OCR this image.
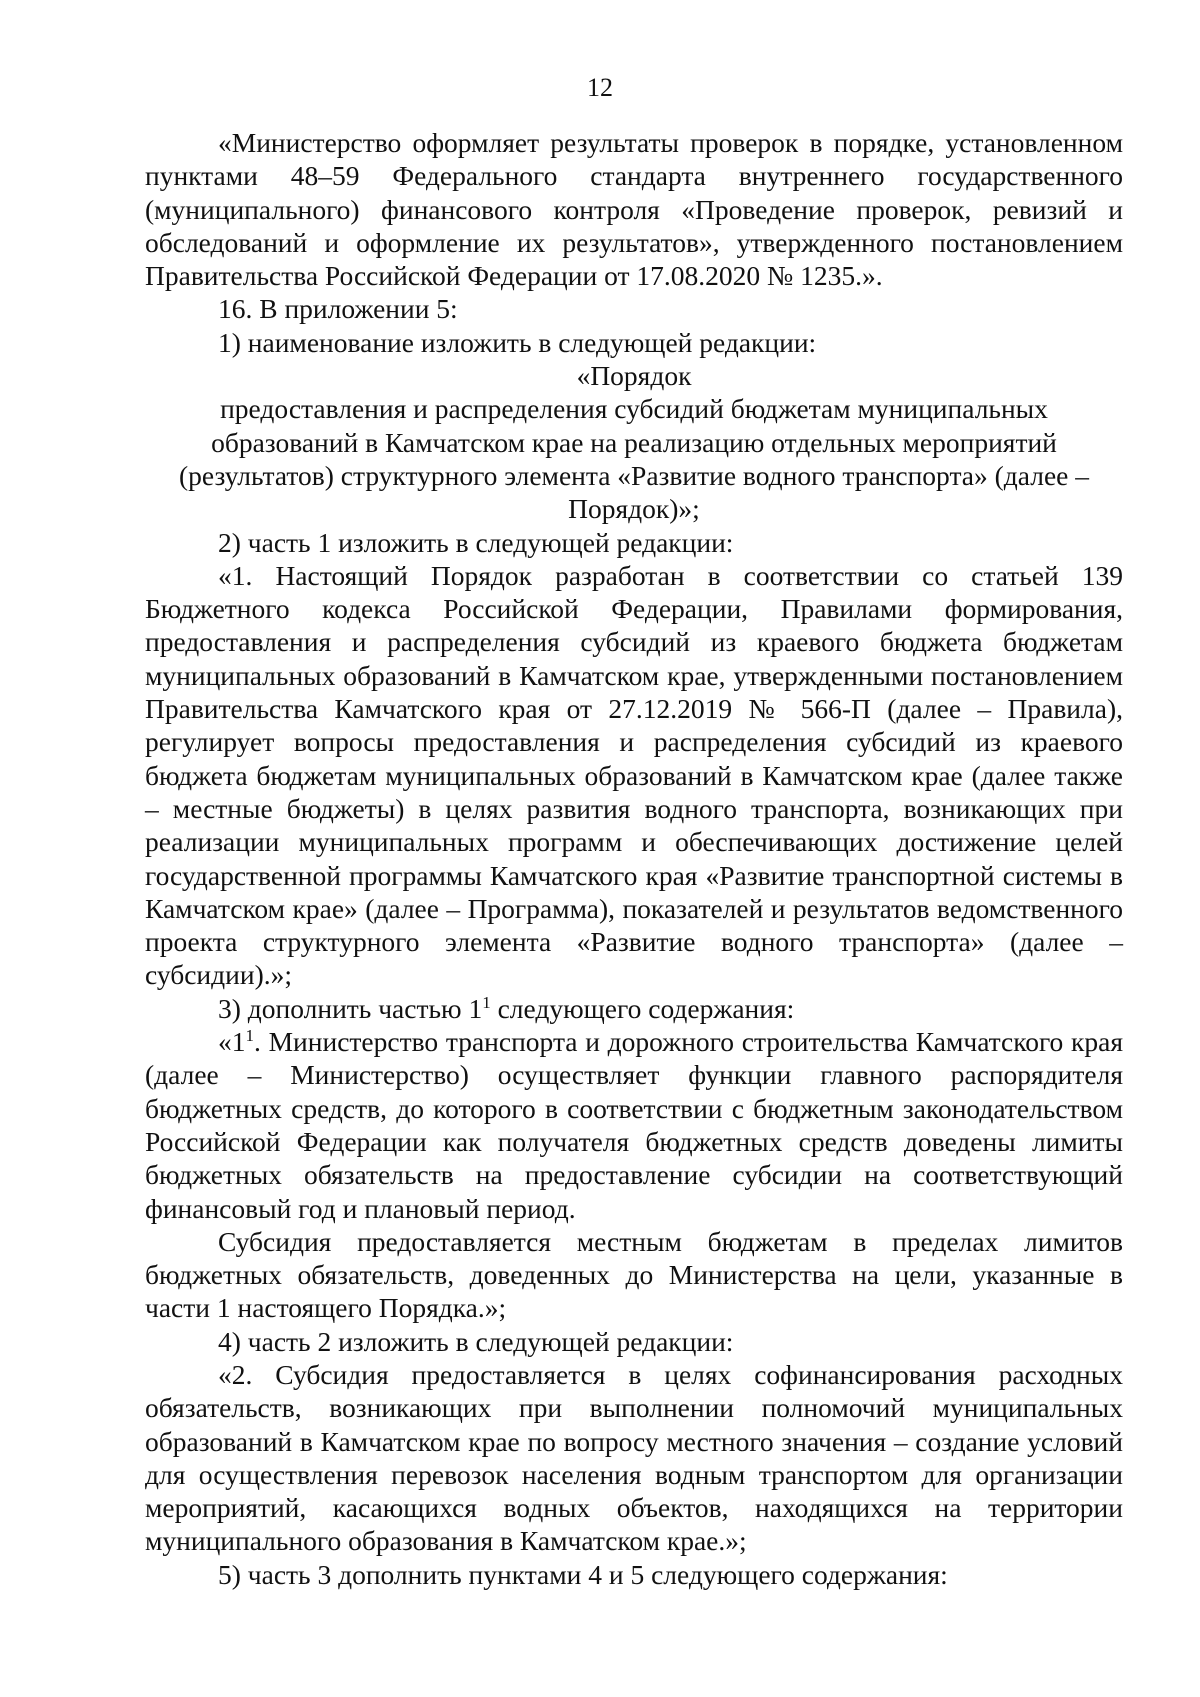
12

«Министерство оформляет результаты проверок в порядке, установленном пунктами 48–59 Федерального стандарта внутреннего государственного (муниципального) финансового контроля «Проведение проверок, ревизий и обследований и оформление их результатов», утвержденного постановлением Правительства Российской Федерации от 17.08.2020 № 1235.».

16. В приложении 5:

1) наименование изложить в следующей редакции:

«Порядок

предоставления и распределения субсидий бюджетам муниципальных образований в Камчатском крае на реализацию отдельных мероприятий (результатов) структурного элемента «Развитие водного транспорта» (далее – Порядок)»;

2) часть 1 изложить в следующей редакции:

«1. Настоящий Порядок разработан в соответствии со статьей 139 Бюджетного кодекса Российской Федерации, Правилами формирования, предоставления и распределения субсидий из краевого бюджета бюджетам муниципальных образований в Камчатском крае, утвержденными постановлением Правительства Камчатского края от 27.12.2019 № 566-П (далее – Правила), регулирует вопросы предоставления и распределения субсидий из краевого бюджета бюджетам муниципальных образований в Камчатском крае (далее также – местные бюджеты) в целях развития водного транспорта, возникающих при реализации муниципальных программ и обеспечивающих достижение целей государственной программы Камчатского края «Развитие транспортной системы в Камчатском крае» (далее – Программа), показателей и результатов ведомственного проекта структурного элемента «Развитие водного транспорта» (далее – субсидии).»;

3) дополнить частью $1^1$ следующего содержания:

«$1^1$. Министерство транспорта и дорожного строительства Камчатского края (далее – Министерство) осуществляет функции главного распорядителя бюджетных средств, до которого в соответствии с бюджетным законодательством Российской Федерации как получателя бюджетных средств доведены лимиты бюджетных обязательств на предоставление субсидии на соответствующий финансовый год и плановый период.

Субсидия предоставляется местным бюджетам в пределах лимитов бюджетных обязательств, доведенных до Министерства на цели, указанные в части 1 настоящего Порядка.»;

4) часть 2 изложить в следующей редакции:

«2. Субсидия предоставляется в целях софинансирования расходных обязательств, возникающих при выполнении полномочий муниципальных образований в Камчатском крае по вопросу местного значения – создание условий для осуществления перевозок населения водным транспортом для организации мероприятий, касающихся водных объектов, находящихся на территории муниципального образования в Камчатском крае.»;

5) часть 3 дополнить пунктами 4 и 5 следующего содержания:
